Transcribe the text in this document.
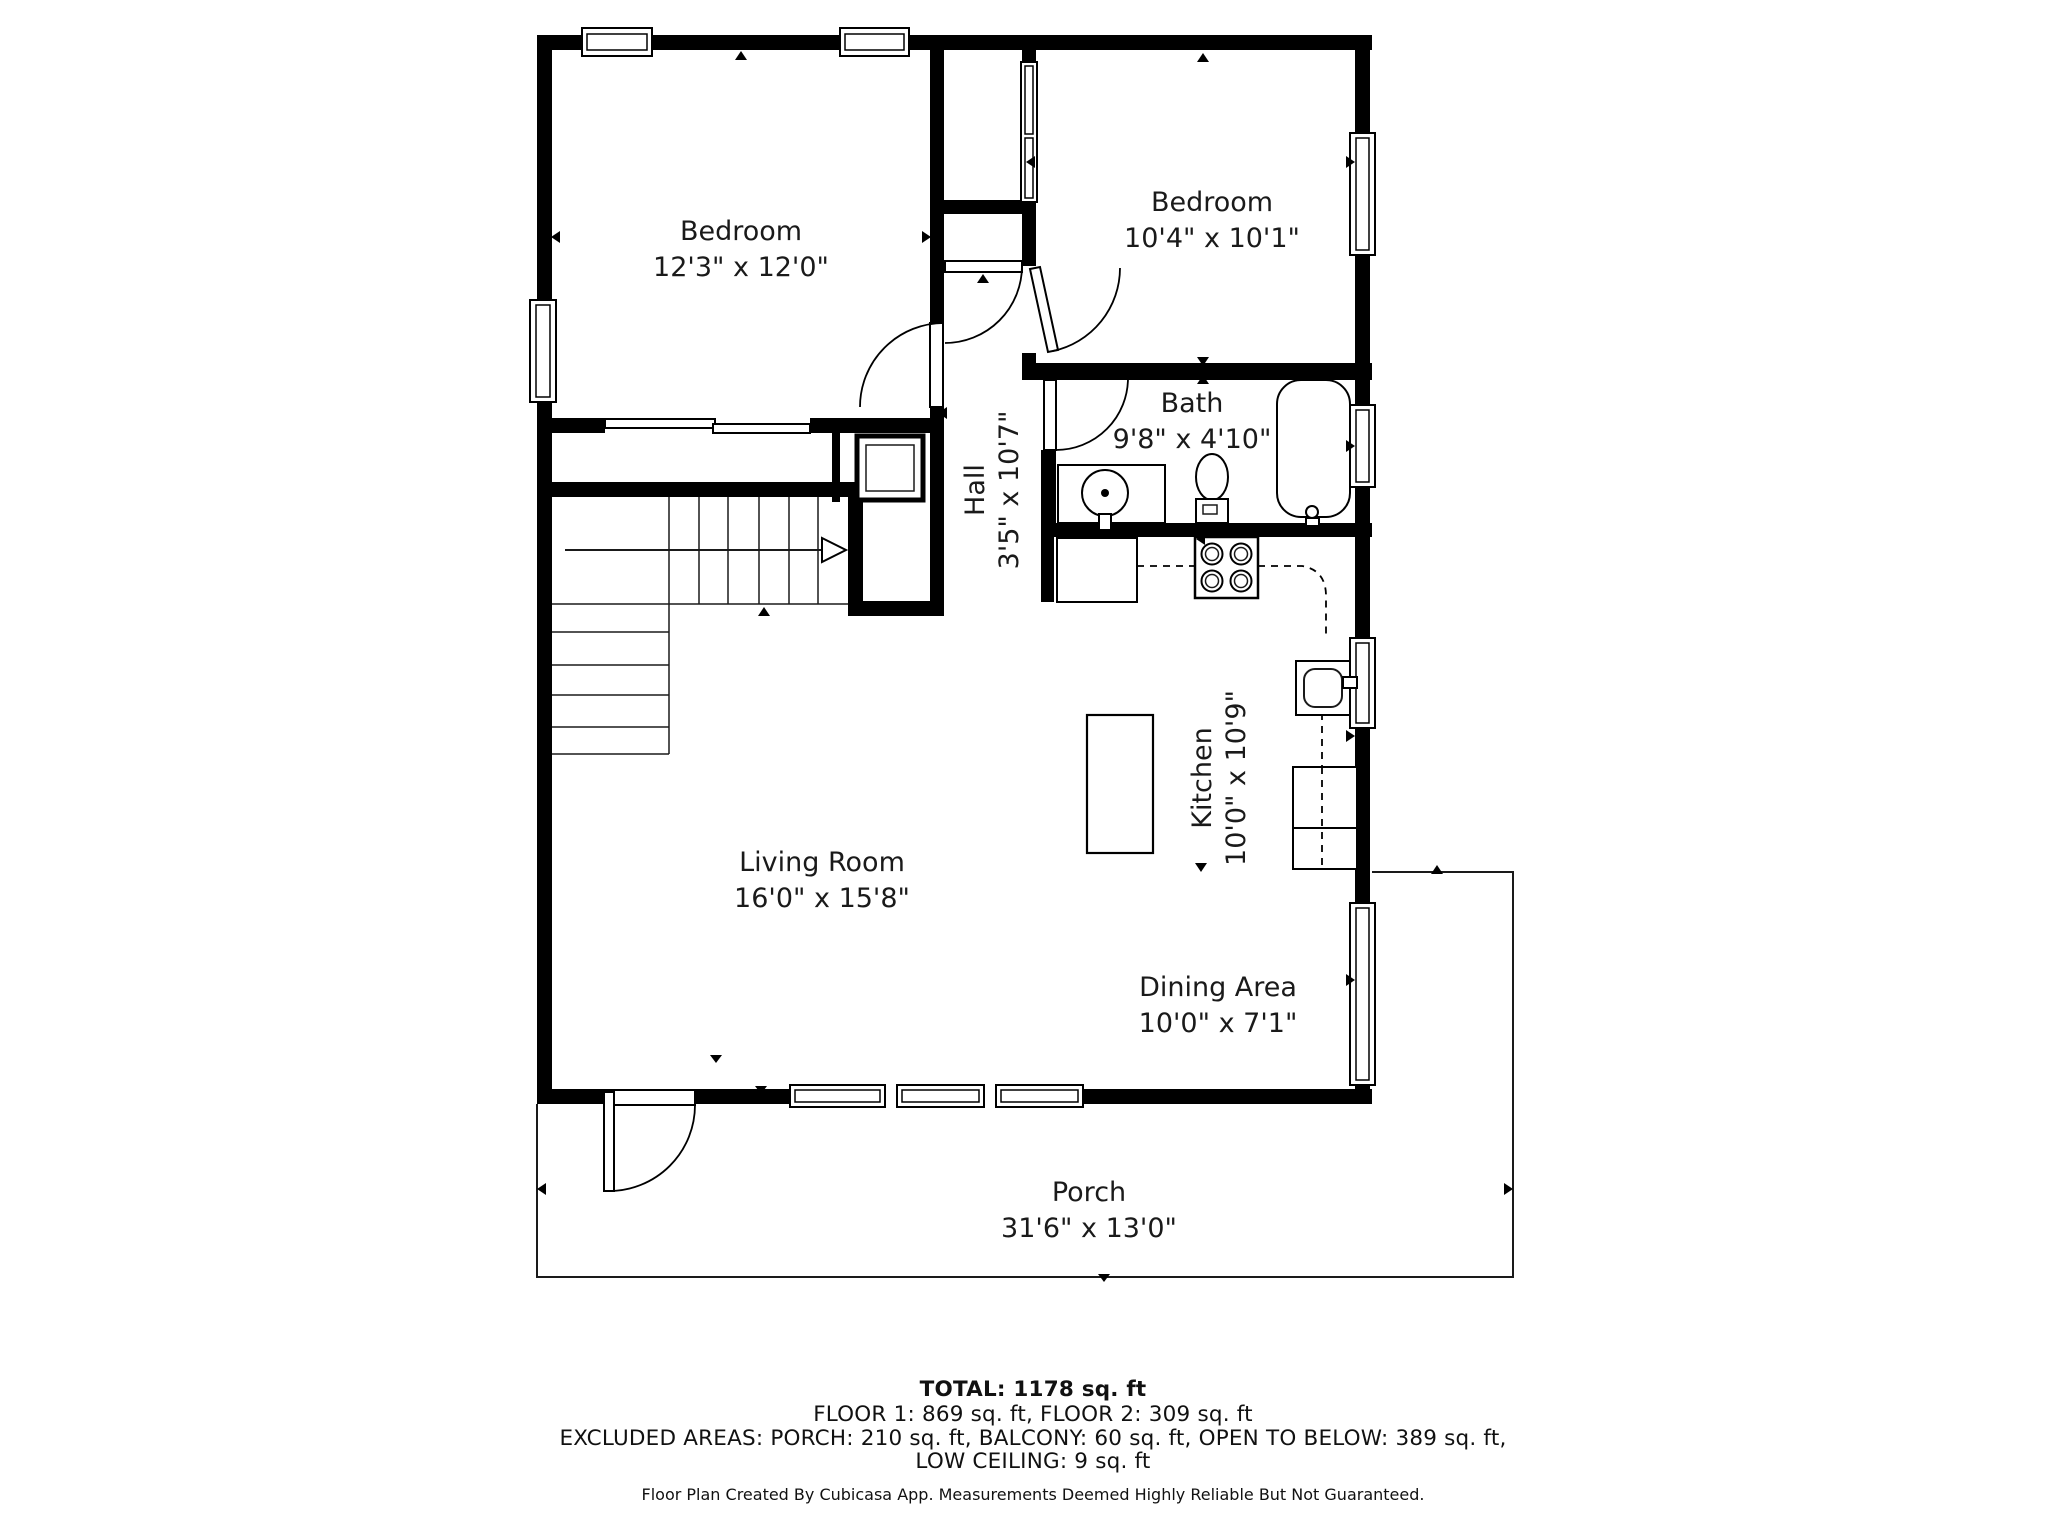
Bedroom
12'3" x 12'0"
Bedroom
10'4" x 10'1"
Bath
9'8" x 4'10"
Hall 3'5" x 10'7"
Kitchen 10'0" x 10'9"
Living Room
16'0" x 15'8"
Dining Area
10'0" x 7'1"
Porch
31'6" x 13'0"
TOTAL: 1178 sq. ft
FLOOR 1: 869 sq. ft, FLOOR 2: 309 sq. ft
EXCLUDED AREAS: PORCH: 210 sq. ft, BALCONY: 60 sq. ft, OPEN TO BELOW: 389 sq. ft,
LOW CEILING: 9 sq. ft
Floor Plan Created By Cubicasa App. Measurements Deemed Highly Reliable But Not Guaranteed.
